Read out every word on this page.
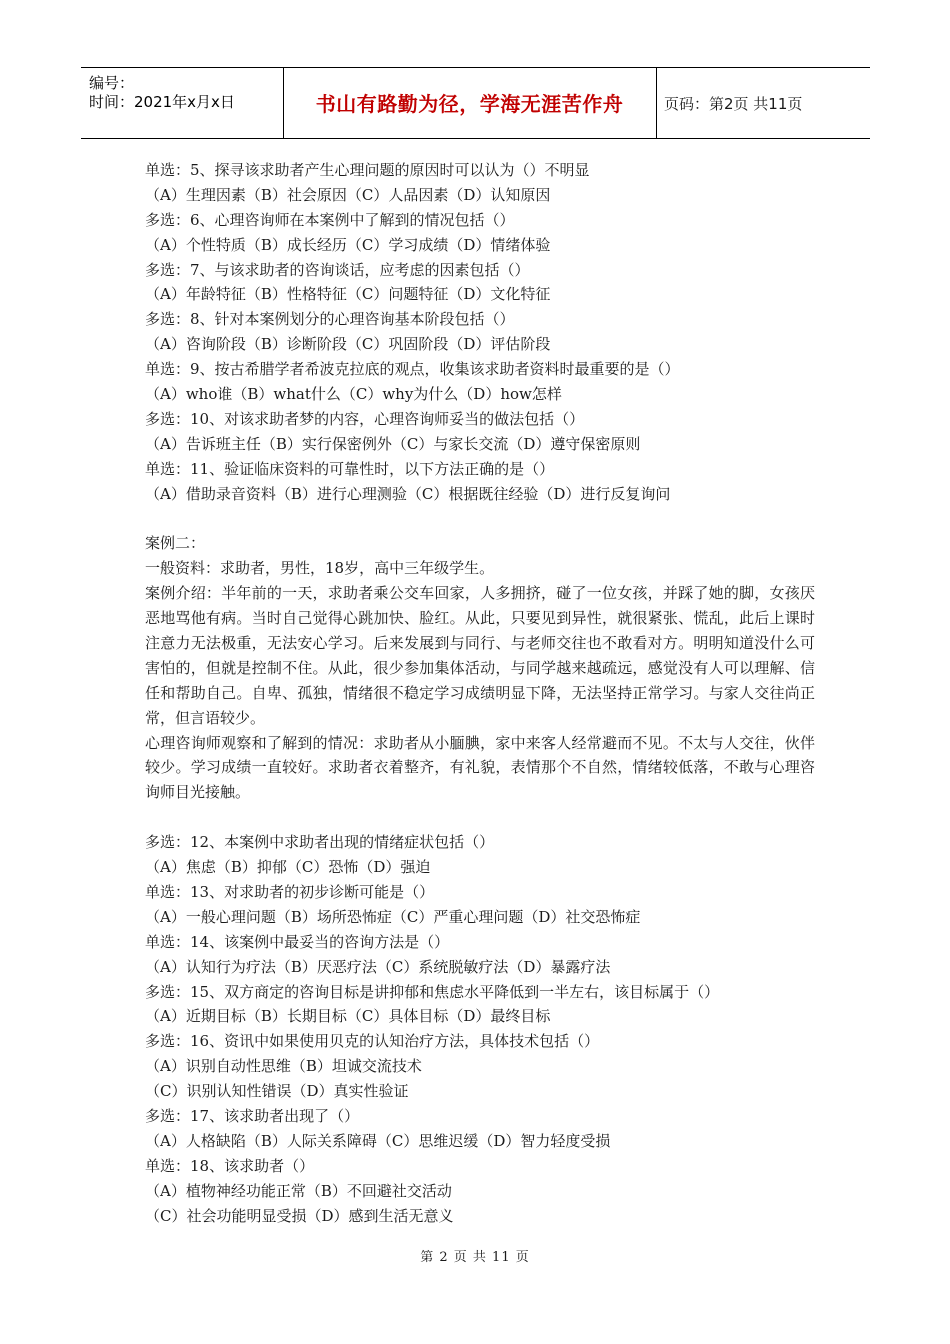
编号：
时间：2021年x月x日	书山有路勤为径，学海无涯苦作舟	页码：第2页 共11页
单选：5、探寻该求助者产生心理问题的原因时可以认为（）不明显
（A）生理因素（B）社会原因（C）人品因素（D）认知原因
多选：6、心理咨询师在本案例中了解到的情况包括（）
（A）个性特质（B）成长经历（C）学习成绩（D）情绪体验
多选：7、与该求助者的咨询谈话，应考虑的因素包括（）
（A）年龄特征（B）性格特征（C）问题特征（D）文化特征
多选：8、针对本案例划分的心理咨询基本阶段包括（）
（A）咨询阶段（B）诊断阶段（C）巩固阶段（D）评估阶段
单选：9、按古希腊学者希波克拉底的观点，收集该求助者资料时最重要的是（）
（A）who谁（B）what什么（C）why为什么（D）how怎样
多选：10、对该求助者梦的内容，心理咨询师妥当的做法包括（）
（A）告诉班主任（B）实行保密例外（C）与家长交流（D）遵守保密原则
单选：11、验证临床资料的可靠性时，以下方法正确的是（）
（A）借助录音资料（B）进行心理测验（C）根据既往经验（D）进行反复询问
案例二：
一般资料：求助者，男性，18岁，高中三年级学生。
案例介绍：半年前的一天，求助者乘公交车回家，人多拥挤，碰了一位女孩，并踩了她的脚，女孩厌恶地骂他有病。当时自己觉得心跳加快、脸红。从此，只要见到异性，就很紧张、慌乱，此后上课时注意力无法极重，无法安心学习。后来发展到与同行、与老师交往也不敢看对方。明明知道没什么可害怕的，但就是控制不住。从此，很少参加集体活动，与同学越来越疏远，感觉没有人可以理解、信任和帮助自己。自卑、孤独，情绪很不稳定学习成绩明显下降，无法坚持正常学习。与家人交往尚正常，但言语较少。
心理咨询师观察和了解到的情况：求助者从小腼腆，家中来客人经常避而不见。不太与人交往，伙伴较少。学习成绩一直较好。求助者衣着整齐，有礼貌，表情那个不自然，情绪较低落，不敢与心理咨询师目光接触。
多选：12、本案例中求助者出现的情绪症状包括（）
（A）焦虑（B）抑郁（C）恐怖（D）强迫
单选：13、对求助者的初步诊断可能是（）
（A）一般心理问题（B）场所恐怖症（C）严重心理问题（D）社交恐怖症
单选：14、该案例中最妥当的咨询方法是（）
（A）认知行为疗法（B）厌恶疗法（C）系统脱敏疗法（D）暴露疗法
多选：15、双方商定的咨询目标是讲抑郁和焦虑水平降低到一半左右，该目标属于（）
（A）近期目标（B）长期目标（C）具体目标（D）最终目标
多选：16、资讯中如果使用贝克的认知治疗方法，具体技术包括（）
（A）识别自动性思维（B）坦诚交流技术
（C）识别认知性错误（D）真实性验证
多选：17、该求助者出现了（）
（A）人格缺陷（B）人际关系障碍（C）思维迟缓（D）智力轻度受损
单选：18、该求助者（）
（A）植物神经功能正常（B）不回避社交活动
（C）社会功能明显受损（D）感到生活无意义
第 2 页 共 11 页
